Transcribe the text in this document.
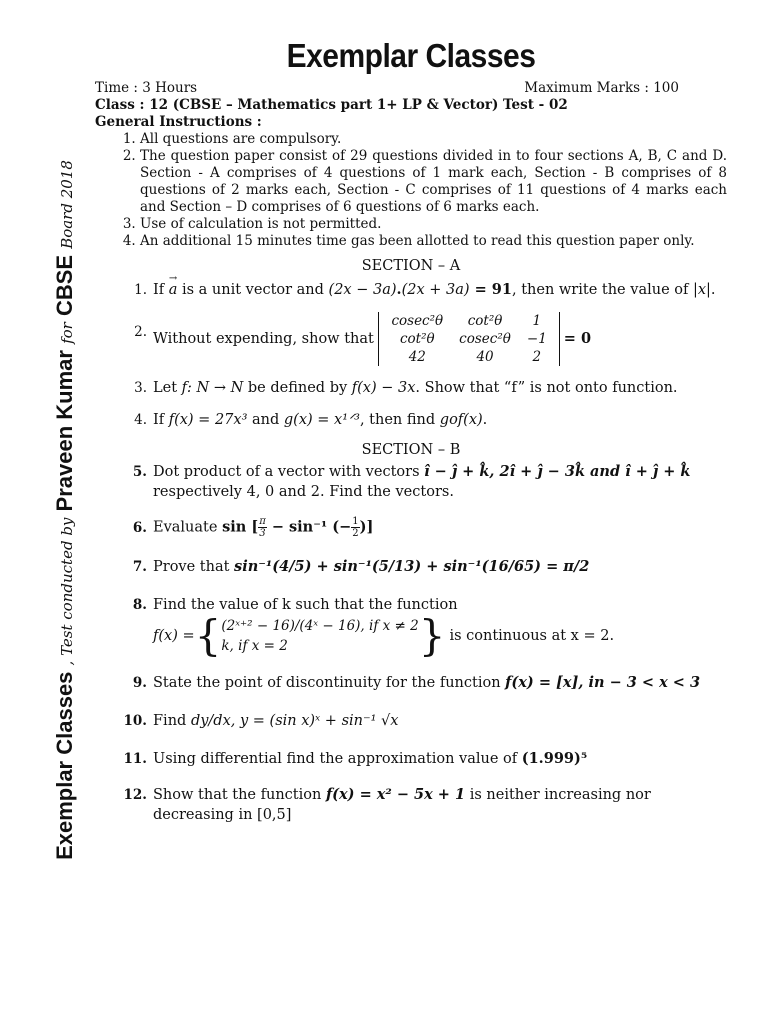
Exemplar Classes , Test conducted by Praveen Kumar for CBSE Board 2018
Exemplar Classes
Time : 3 Hours	Maximum Marks : 100
Class : 12 (CBSE – Mathematics part 1+ LP & Vector) Test - 02
General Instructions :
1. All questions are compulsory.
2. The question paper consist of 29 questions divided in to four sections A, B, C and D. Section - A comprises of 4 questions of 1 mark each, Section - B comprises of 8 questions of 2 marks each, Section - C comprises of 11 questions of 4 marks each and Section – D comprises of 6 questions of 6 marks each.
3. Use of calculation is not permitted.
4. An additional 15 minutes time gas been allotted to read this question paper only.
SECTION – A
1. If → a is a unit vector and (2x − 3a).(2x + 3a) = 91, then write the value of |x|.
2. Without expending, show that
cosec²θ	cot²θ	1
cot²θ	cosec²θ	−1
42	40	2
= 0
3. Let f: N → N be defined by f(x) − 3x. Show that “f” is not onto function.
4. If f(x) = 27x³ and g(x) = x¹ᐟ³, then find gof(x).
SECTION – B
5. Dot product of a vector with vectors î − ĵ + k̂, 2î + ĵ − 3k̂ and î + ĵ + k̂
respectively 4, 0 and 2. Find the vectors.
6. Evaluate sin [ $\frac{\pi}{3} - \sin^{-1}$ (− $\frac{1}{2}$ )]
7. Prove that sin⁻¹(4/5) + sin⁻¹(5/13) + sin⁻¹(16/65) = π/2
8. Find the value of k such that the function

f(x) = { (2ˣ⁺² − 16)/(4ˣ − 16), if x ≠ 2
k, if x = 2	} is continuous at x = 2.
9. State the point of discontinuity for the function f(x) = [x], in − 3 < x < 3
10. Find dy/dx, y = (sin x)ˣ + sin⁻¹ √x
11. Using differential find the approximation value of (1.999)⁵
12. Show that the function f(x) = x² − 5x + 1 is neither increasing nor decreasing in [0,5]
